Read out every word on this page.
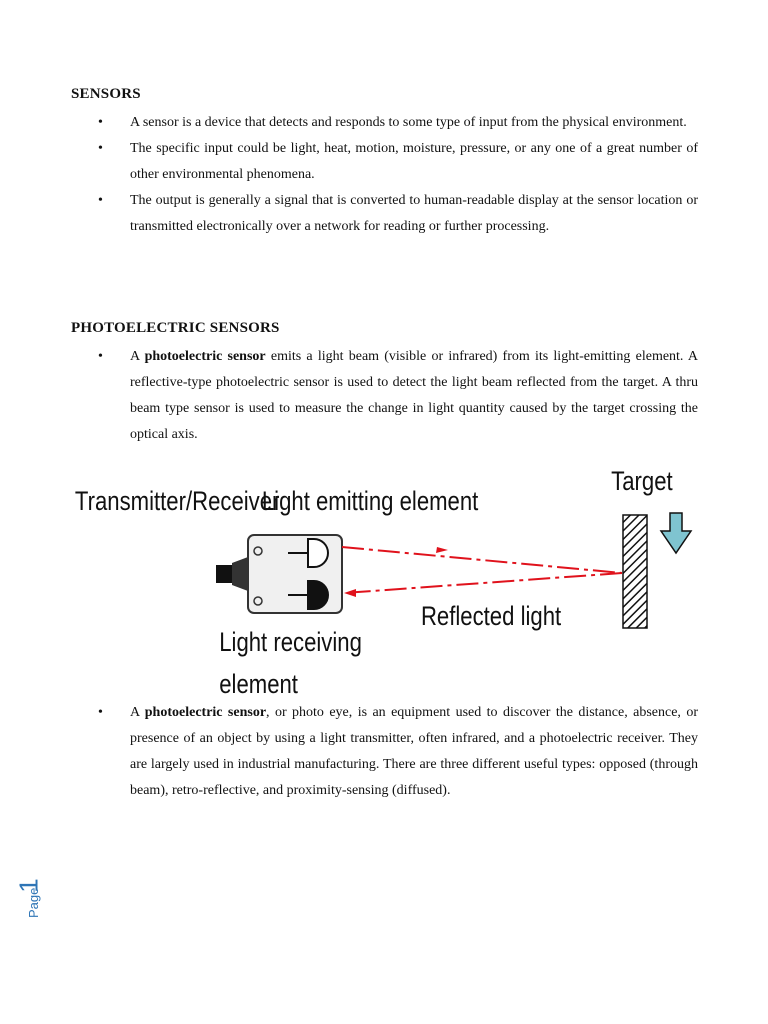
SENSORS
• A sensor is a device that detects and responds to some type of input from the physical environment.
• The specific input could be light, heat, motion, moisture, pressure, or any one of a great number of other environmental phenomena.
• The output is generally a signal that is converted to human-readable display at the sensor location or transmitted electronically over a network for reading or further processing.
PHOTOELECTRIC SENSORS
• A photoelectric sensor emits a light beam (visible or infrared) from its light-emitting element. A reflective-type photoelectric sensor is used to detect the light beam reflected from the target. A thru beam type sensor is used to measure the change in light quantity caused by the target crossing the optical axis.
Transmitter/Receiver
Light emitting element
Target
Reflected light
Light receiving
element
• A photoelectric sensor, or photo eye, is an equipment used to discover the distance, absence, or presence of an object by using a light transmitter, often infrared, and a photoelectric receiver. They are largely used in industrial manufacturing. There are three different useful types: opposed (through beam), retro-reflective, and proximity-sensing (diffused).
1
Page
